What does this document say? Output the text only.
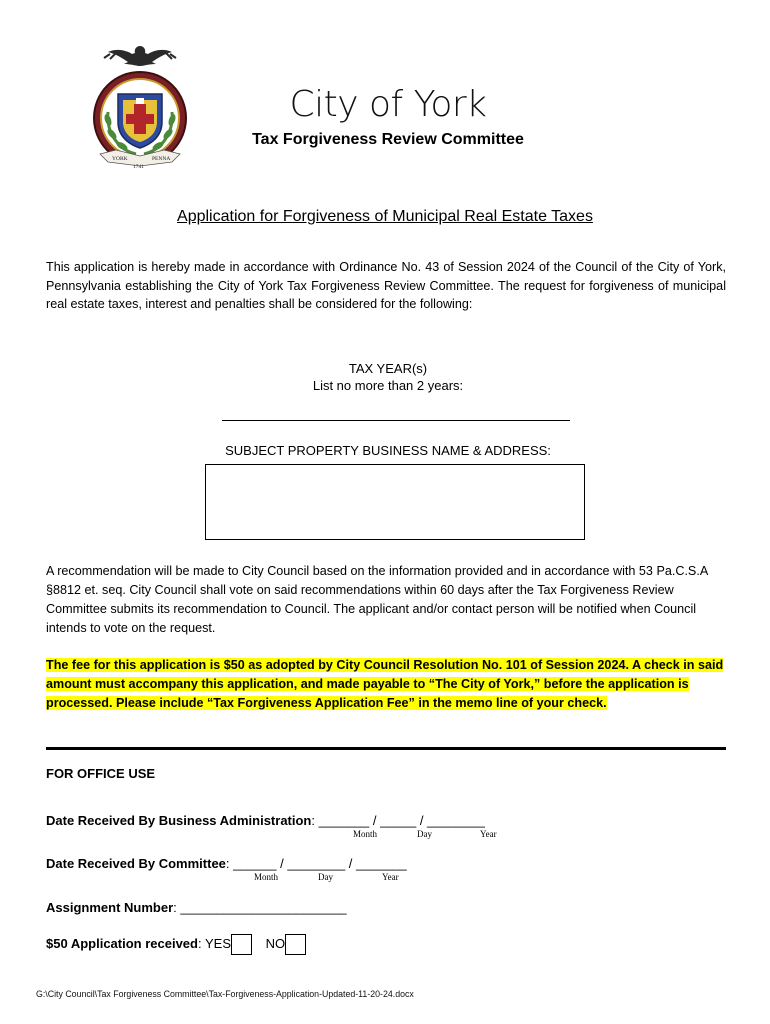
YORK	PENNA
1741
City of York
Tax Forgiveness Review Committee
Application for Forgiveness of Municipal Real Estate Taxes
This application is hereby made in accordance with Ordinance No. 43 of Session 2024 of the Council of the City of York, Pennsylvania establishing the City of York Tax Forgiveness Review Committee. The request for forgiveness of municipal real estate taxes, interest and penalties shall be considered for the following:
TAX YEAR(s)
List no more than 2 years:
SUBJECT PROPERTY BUSINESS NAME & ADDRESS:
A recommendation will be made to City Council based on the information provided and in accordance with 53 Pa.C.S.A §8812 et. seq. City Council shall vote on said recommendations within 60 days after the Tax Forgiveness Review Committee submits its recommendation to Council. The applicant and/or contact person will be notified when Council intends to vote on the request.
The fee for this application is $50 as adopted by City Council Resolution No. 101 of Session 2024. A check in said amount must accompany this application, and made payable to “The City of York,” before the application is processed. Please include “Tax Forgiveness Application Fee” in the memo line of your check.
FOR OFFICE USE
Date Received By Business Administration: _______ / _____ / ________
Month	Day	Year
Date Received By Committee: ______ / ________ / _______
Month	Day	Year
Assignment Number: _______________________
$50 Application received: YES	NO
G:\City Council\Tax Forgiveness Committee\Tax-Forgiveness-Application-Updated-11-20-24.docx
